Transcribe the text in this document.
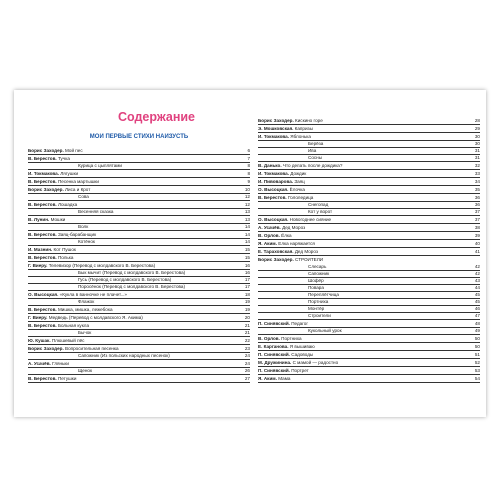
Содержание
МОИ ПЕРВЫЕ СТИХИ НАИЗУСТЬ
Борис Заходер. Мой пес	6
В. Берестов. Тучка	7
Курица с цыплятами	8
И. Токмакова. Лягушки	8
В. Берестов. Песенка мартышки	9
Борис Заходер. Лиса и Крот	10
Сова	12
В. Берестов. Лошадка	12
Весенняя сказка	13
В. Лунин. Мошки	13
Волк	14
В. Берестов. Заяц-барабанщик	14
Котёнок	14
И. Мазнин. Кот Пушок	15
В. Берестов. Полька	15
Г. Виеру. Телевизор (Перевод с молдавского В. Берестова)	16
Бык мычит (Перевод с молдавского В. Берестова)	16
Гусь (Перевод с молдавского В. Берестова)	17
Поросёнок (Перевод с молдавского В. Берестова)	17
О. Высоцкая. «Кукла в ванночке не плачет...»	18
Флажок	19
В. Берестов. Мишка, мишка, лежебока	19
Г. Виеру. Медведь (Перевод с молдавского Я. Акима)	20
В. Берестов. Больная кукла	21
Бычок	21
Ю. Кушак. Плюшевый пёс	22
Борис Заходер. Вопросительная песенка	23
Сапожник (Из польских народных песенок)	24
А. Усачёв. Гляньки	24
Щенок	26
В. Берестов. Петушки	27
Борис Заходер. Кискино горе	28
Э. Мошковская. Капризы	29
И. Токмакова. Яблонька	30
Берёза	30
Ива	31
Сосны	31
В. Данько. Что делать после дождика?	32
И. Токмакова. Дождик	33
И. Пивоварова. Заяц	34
О. Высоцкая. Ёлочка	35
В. Берестов. Гололедица	36
Снегопад	36
Кот у ворот	37
О. Высоцкая. Новогоднее сияние	37
А. Усачёв. Дед Мороз	38
В. Орлов. Ёлка	39
Я. Аким. Елка наряжается	40
Е. Тараховская. Дед Мороз	41
Борис Заходер. СТРОИТЕЛИ
Слесарь	42
Сапожник	42
Шофёр	43
Повара	44
Переплётчица	45
Портниха	45
Монтёр	46
Строители	47
П. Синявский. Педагог	48
Кукольный урок	49
В. Орлов. Портниха	50
Е. Карганова. Я вышиваю	50
П. Синявский. Садоводы	51
М. Дружинина. С мамой — радостно	52
П. Синявский. Портрет	53
Я. Аким. Мама	54
